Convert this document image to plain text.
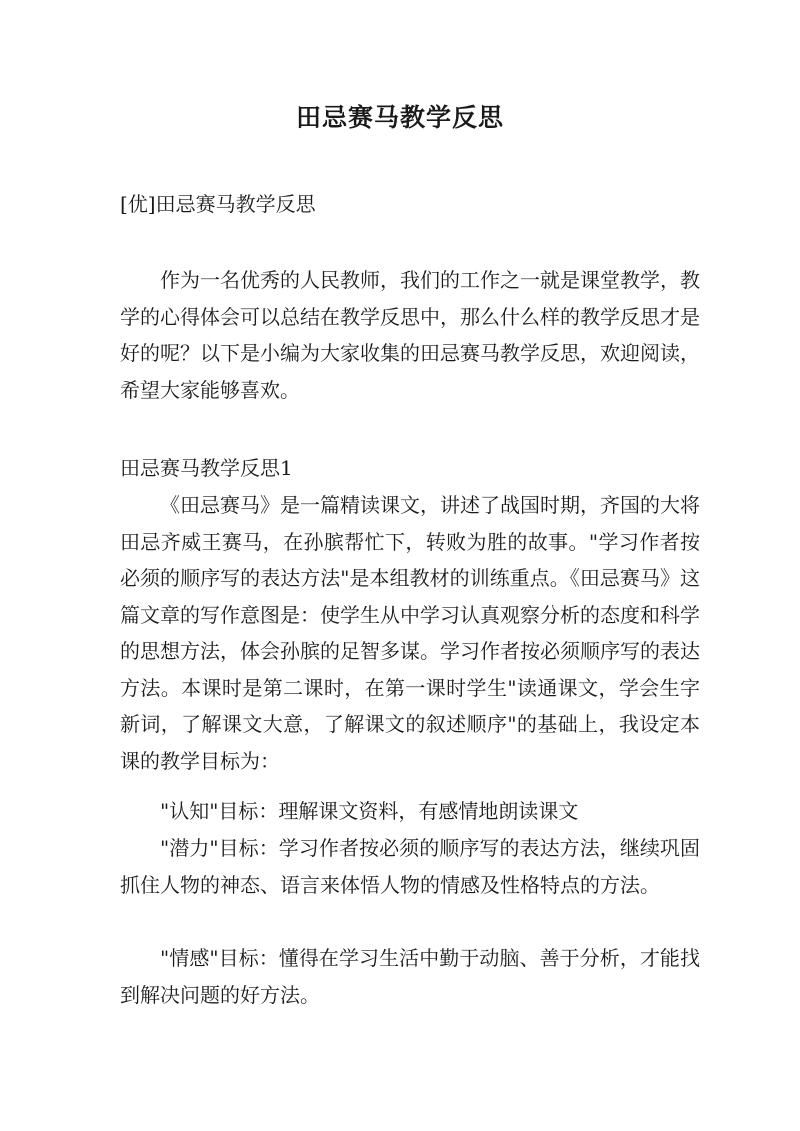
田忌赛马教学反思
[优]田忌赛马教学反思

作为一名优秀的人民教师，我们的工作之一就是课堂教学，教学的心得体会可以总结在教学反思中，那么什么样的教学反思才是好的呢？以下是小编为大家收集的田忌赛马教学反思，欢迎阅读，希望大家能够喜欢。

田忌赛马教学反思1

《田忌赛马》是一篇精读课文，讲述了战国时期，齐国的大将田忌齐威王赛马，在孙膑帮忙下，转败为胜的故事。"学习作者按必须的顺序写的表达方法"是本组教材的训练重点。《田忌赛马》这篇文章的写作意图是：使学生从中学习认真观察分析的态度和科学的思想方法，体会孙膑的足智多谋。学习作者按必须顺序写的表达方法。本课时是第二课时，在第一课时学生"读通课文，学会生字新词，了解课文大意，了解课文的叙述顺序"的基础上，我设定本课的教学目标为：

"认知"目标：理解课文资料，有感情地朗读课文

"潜力"目标：学习作者按必须的顺序写的表达方法，继续巩固抓住人物的神态、语言来体悟人物的情感及性格特点的方法。

"情感"目标：懂得在学习生活中勤于动脑、善于分析，才能找到解决问题的好方法。
